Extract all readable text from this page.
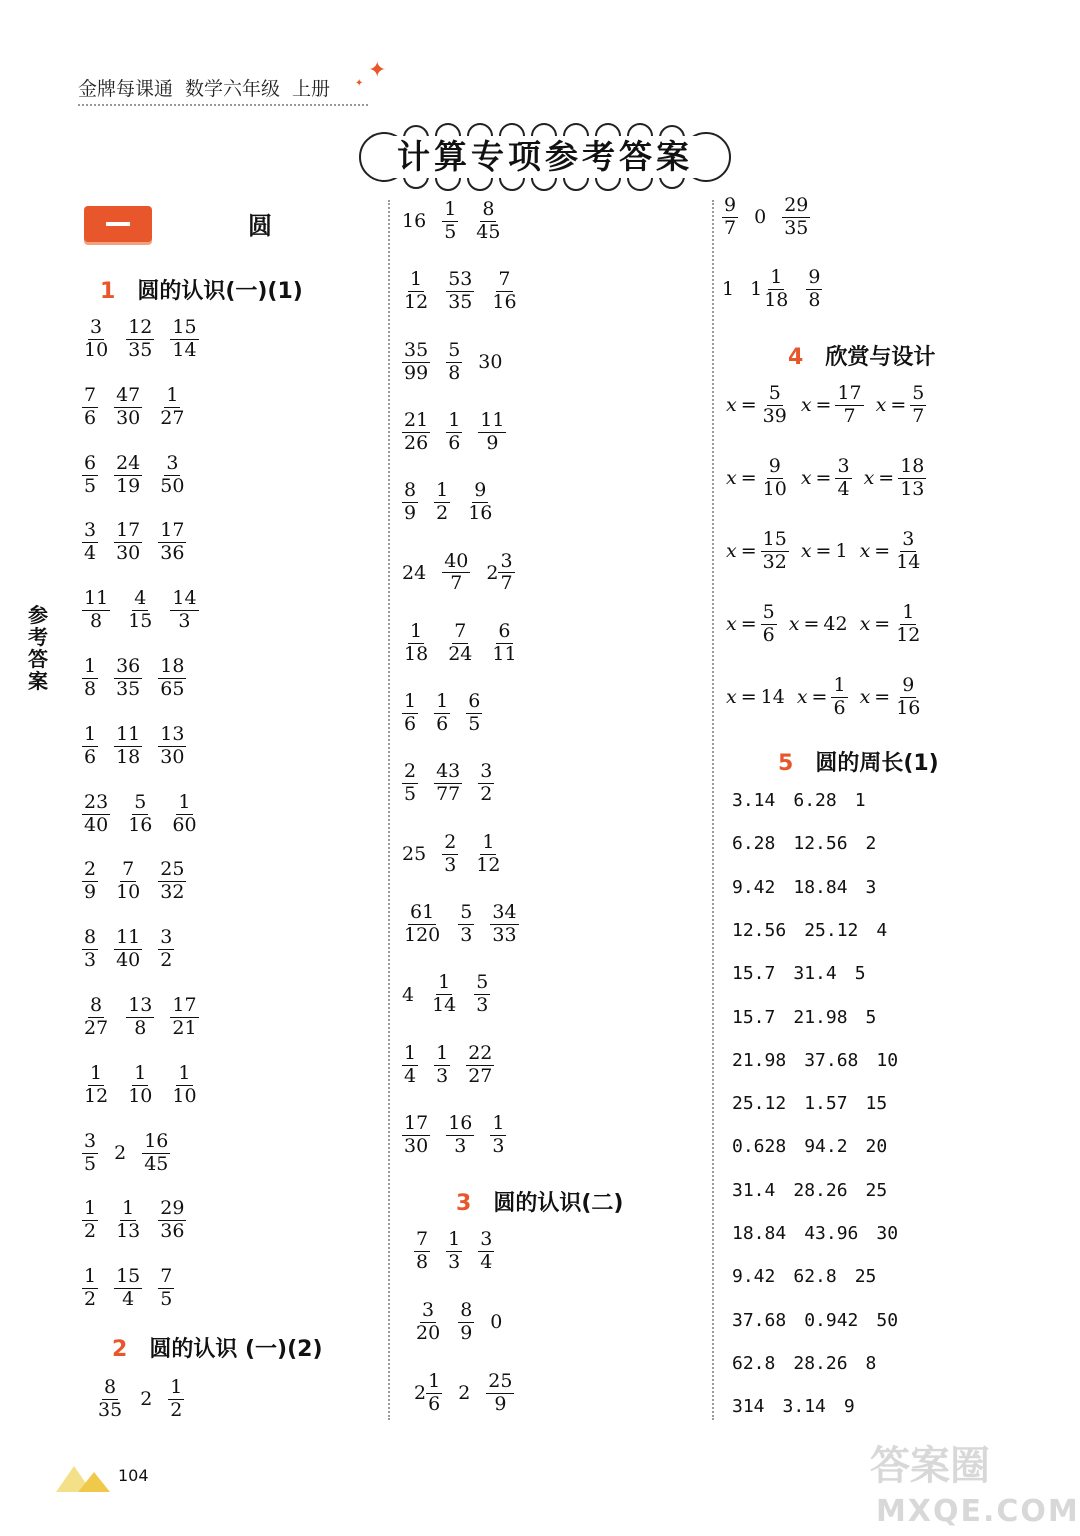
金牌每课通 数学六年级 上册
✦
✦
计算专项参考答案
圆
参考答案
1 圆的认识(一)(1)
2 圆的认识 (一)(2)
3 圆的认识(二)
4 欣赏与设计
5 圆的周长(1)
$\frac{3}{10} \frac{12}{35} \frac{15}{14}$
$\frac{7}{6} \frac{47}{30} \frac{1}{27}$
$\frac{6}{5} \frac{24}{19} \frac{3}{50}$
$\frac{3}{4} \frac{17}{30} \frac{17}{36}$
$\frac{11}{8} \frac{4}{15} \frac{14}{3}$
$\frac{1}{8} \frac{36}{35} \frac{18}{65}$
$\frac{1}{6} \frac{11}{18} \frac{13}{30}$
$\frac{23}{40} \frac{5}{16} \frac{1}{60}$
$\frac{2}{9} \frac{7}{10} \frac{25}{32}$
$\frac{8}{3} \frac{11}{40} \frac{3}{2}$
$\frac{8}{27} \frac{13}{8} \frac{17}{21}$
$\frac{1}{12} \frac{1}{10} \frac{1}{10}$
$\frac{3}{5} 2 \frac{16}{45}$
$\frac{1}{2} \frac{1}{13} \frac{29}{36}$
$\frac{1}{2} \frac{15}{4} \frac{7}{5}$
$\frac{8}{35} 2 \frac{1}{2}$
$16 \frac{1}{5} \frac{8}{45}$
$\frac{1}{12} \frac{53}{35} \frac{7}{16}$
$\frac{35}{99} \frac{5}{8} 30$
$\frac{21}{26} \frac{1}{6} \frac{11}{9}$
$\frac{8}{9} \frac{1}{2} \frac{9}{16}$
$24 \frac{40}{7} 2 \frac{3}{7}$
$\frac{1}{18} \frac{7}{24} \frac{6}{11}$
$\frac{1}{6} \frac{1}{6} \frac{6}{5}$
$\frac{2}{5} \frac{43}{77} \frac{3}{2}$
$25 \frac{2}{3} \frac{1}{12}$
$\frac{61}{120} \frac{5}{3} \frac{34}{33}$
$4 \frac{1}{14} \frac{5}{3}$
$\frac{1}{4} \frac{1}{3} \frac{22}{27}$
$\frac{17}{30} \frac{16}{3} \frac{1}{3}$
$\frac{7}{8} \frac{1}{3} \frac{3}{4}$
$\frac{3}{20} \frac{8}{9} 0$
$2 \frac{1}{6} 2 \frac{25}{9}$
$\frac{9}{7} 0 \frac{29}{35}$
1 $1 \frac{1}{18} \frac{9}{8}$
$x = \frac{5}{39}$ $x = \frac{17}{7}$ $x = \frac{5}{7}$
$x = \frac{9}{10}$ $x = \frac{3}{4}$ $x = \frac{18}{13}$
$x = \frac{15}{32}$ x = 1 $x = \frac{3}{14}$
$x = \frac{5}{6}$ x = 42 $x = \frac{1}{12}$
x = 14 $x = \frac{1}{6}$ $x = \frac{9}{16}$
3.14 6.28 1
6.28 12.56 2
9.42 18.84 3
12.56 25.12 4
15.7 31.4 5
15.7 21.98 5
21.98 37.68 10
25.12 1.57 15
0.628 94.2 20
31.4 28.26 25
18.84 43.96 30
9.42 62.8 25
37.68 0.942 50
62.8 28.26 8
314 3.14 9
104	答案圈
MXQE.COM
